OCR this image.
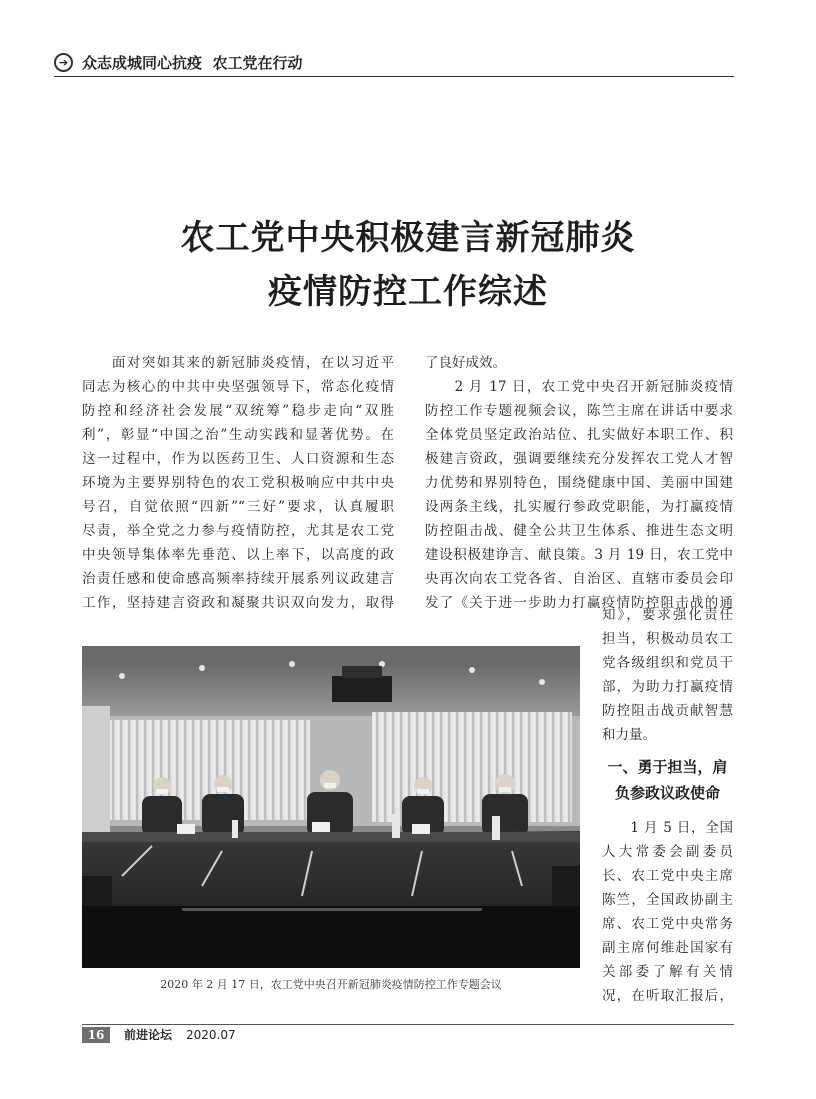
➔ 众志成城同心抗疫  农工党在行动
农工党中央积极建言新冠肺炎
疫情防控工作综述

　　面对突如其来的新冠肺炎疫情，在以习近平

同志为核心的中共中央坚强领导下，常态化疫情

防控和经济社会发展“双统筹”稳步走向“双胜

利”，彰显“中国之治”生动实践和显著优势。在

这一过程中，作为以医药卫生、人口资源和生态

环境为主要界别特色的农工党积极响应中共中央

号召，自觉依照“四新”“三好”要求，认真履职

尽责，举全党之力参与疫情防控，尤其是农工党

中央领导集体率先垂范、以上率下，以高度的政

治责任感和使命感高频率持续开展系列议政建言

工作，坚持建言资政和凝聚共识双向发力，取得

了良好成效。

　　2 月 17 日，农工党中央召开新冠肺炎疫情

防控工作专题视频会议，陈竺主席在讲话中要求

全体党员坚定政治站位、扎实做好本职工作、积

极建言资政，强调要继续充分发挥农工党人才智

力优势和界别特色，围绕健康中国、美丽中国建

设两条主线，扎实履行参政党职能，为打赢疫情

防控阻击战、健全公共卫生体系、推进生态文明

建设积极建诤言、献良策。3 月 19 日，农工党中

央再次向农工党各省、自治区、直辖市委员会印

发了《关于进一步助力打赢疫情防控阻击战的通

知》，要求强化责任

担当，积极动员农工

党各级组织和党员干

部，为助力打赢疫情

防控阻击战贡献智慧

和力量。

一、勇于担当，肩
负参政议政使命

　　1 月 5 日，全国

人大常委会副委员

长、农工党中央主席

陈竺，全国政协副主

席、农工党中央常务

副主席何维赴国家有

关部委了解有关情

况，在听取汇报后，

2020 年 2 月 17 日，农工党中央召开新冠肺炎疫情防控工作专题会议
16	前进论坛 2020.07
